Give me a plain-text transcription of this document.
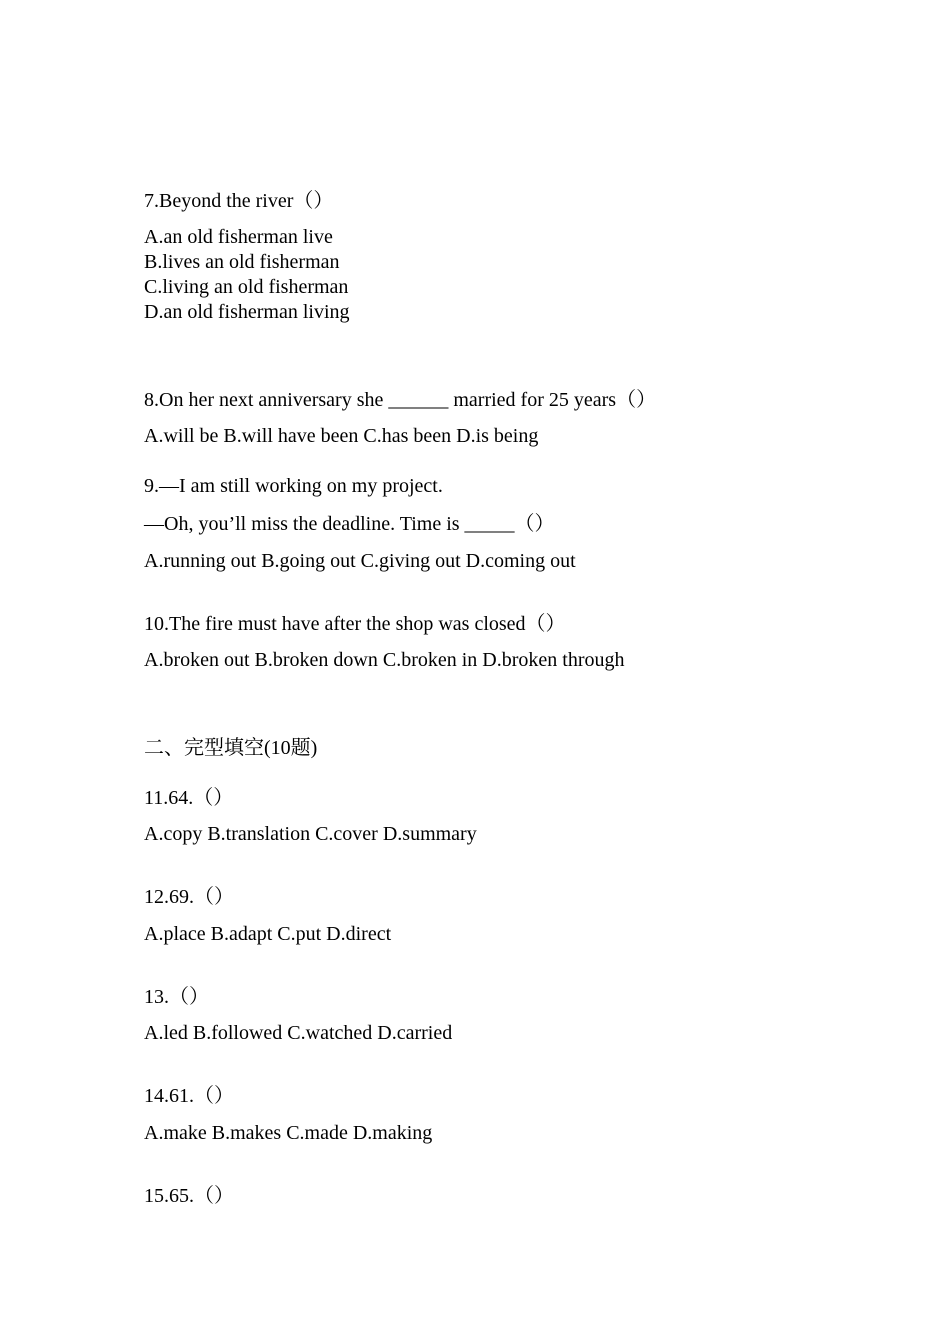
7.Beyond the river（）
A.an old fisherman live
B.lives an old fisherman
C.living an old fisherman
D.an old fisherman living
8.On her next anniversary she ______ married for 25 years（）
A.will be B.will have been C.has been D.is being
9.—I am still working on my project.
—Oh, you’ll miss the deadline. Time is _____（）
A.running out B.going out C.giving out D.coming out
10.The fire must have after the shop was closed（）
A.broken out B.broken down C.broken in D.broken through
二、完型填空(10题)
11.64.（）
A.copy B.translation C.cover D.summary
12.69.（）
A.place B.adapt C.put D.direct
13.（）
A.led B.followed C.watched D.carried
14.61.（）
A.make B.makes C.made D.making
15.65.（）
